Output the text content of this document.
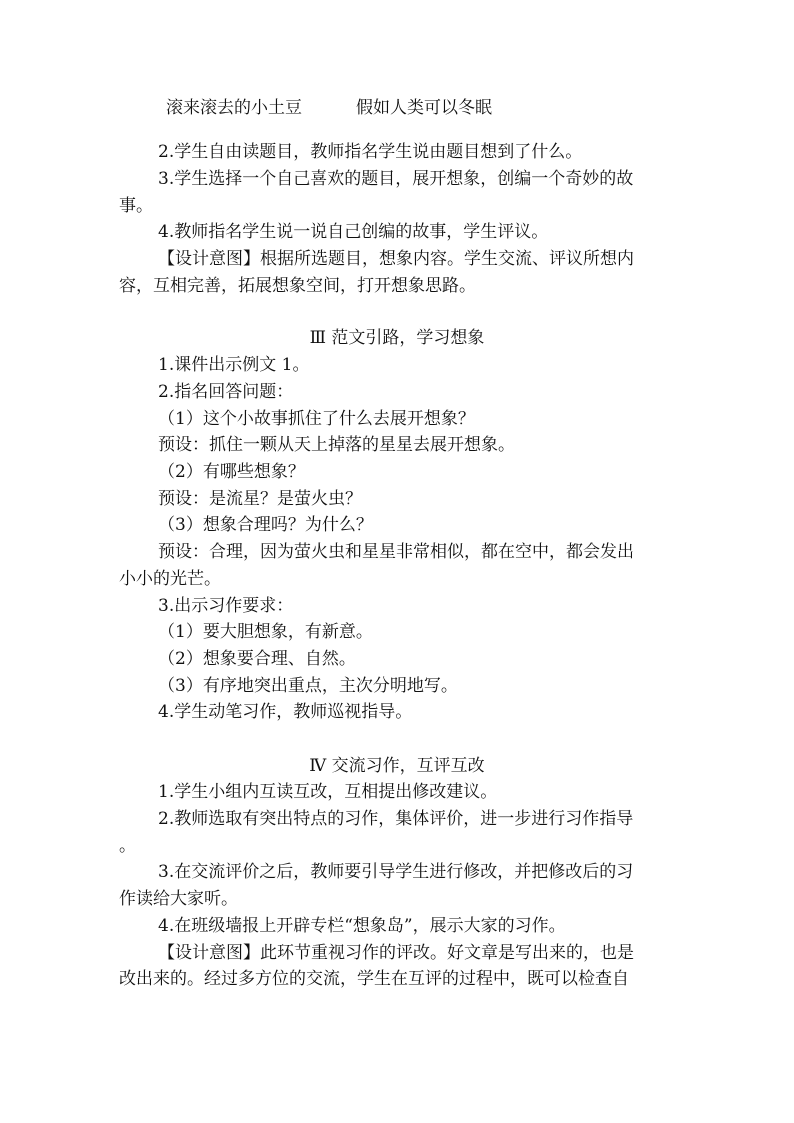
滚来滚去的小土豆	假如人类可以冬眠
2.学生自由读题目，教师指名学生说由题目想到了什么。
3.学生选择一个自己喜欢的题目，展开想象，创编一个奇妙的故
事。
4.教师指名学生说一说自己创编的故事，学生评议。
【设计意图】根据所选题目，想象内容。学生交流、评议所想内
容，互相完善，拓展想象空间，打开想象思路。
Ⅲ 范文引路，学习想象
1.课件出示例文 1。
2.指名回答问题：
（1）这个小故事抓住了什么去展开想象？
预设：抓住一颗从天上掉落的星星去展开想象。
（2）有哪些想象？
预设：是流星？是萤火虫？
（3）想象合理吗？为什么？
预设：合理，因为萤火虫和星星非常相似，都在空中，都会发出
小小的光芒。
3.出示习作要求：
（1）要大胆想象，有新意。
（2）想象要合理、自然。
（3）有序地突出重点，主次分明地写。
4.学生动笔习作，教师巡视指导。
Ⅳ 交流习作，互评互改
1.学生小组内互读互改，互相提出修改建议。
2.教师选取有突出特点的习作，集体评价，进一步进行习作指导
。
3.在交流评价之后，教师要引导学生进行修改，并把修改后的习
作读给大家听。
4.在班级墙报上开辟专栏“想象岛”，展示大家的习作。
【设计意图】此环节重视习作的评改。好文章是写出来的，也是
改出来的。经过多方位的交流，学生在互评的过程中，既可以检查自
